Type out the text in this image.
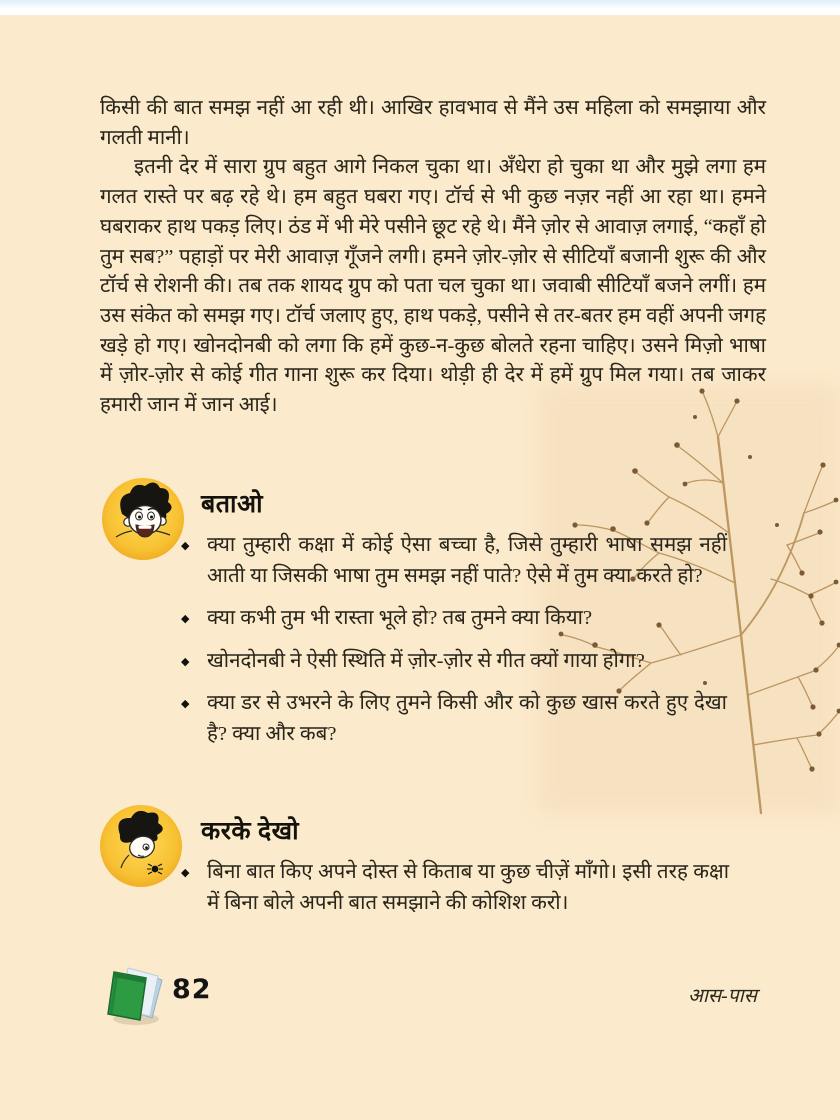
किसी की बात समझ नहीं आ रही थी। आखिर हावभाव से मैंने उस महिला को समझाया और गलती मानी।

इतनी देर में सारा ग्रुप बहुत आगे निकल चुका था। अँधेरा हो चुका था और मुझे लगा हम गलत रास्ते पर बढ़ रहे थे। हम बहुत घबरा गए। टॉर्च से भी कुछ नज़र नहीं आ रहा था। हमने घबराकर हाथ पकड़ लिए। ठंड में भी मेरे पसीने छूट रहे थे। मैंने ज़ोर से आवाज़ लगाई, “कहाँ हो तुम सब?” पहाड़ों पर मेरी आवाज़ गूँजने लगी। हमने ज़ोर-ज़ोर से सीटियाँ बजानी शुरू की और टॉर्च से रोशनी की। तब तक शायद ग्रुप को पता चल चुका था। जवाबी सीटियाँ बजने लगीं। हम उस संकेत को समझ गए। टॉर्च जलाए हुए, हाथ पकड़े, पसीने से तर-बतर हम वहीं अपनी जगह खड़े हो गए। खोनदोनबी को लगा कि हमें कुछ-न-कुछ बोलते रहना चाहिए। उसने मिज़ो भाषा में ज़ोर-ज़ोर से कोई गीत गाना शुरू कर दिया। थोड़ी ही देर में हमें ग्रुप मिल गया। तब जाकर हमारी जान में जान आई।

बताओ
◆ क्या तुम्हारी कक्षा में कोई ऐसा बच्चा है, जिसे तुम्हारी भाषा समझ नहीं आती या जिसकी भाषा तुम समझ नहीं पाते? ऐसे में तुम क्या करते हो?
◆ क्या कभी तुम भी रास्ता भूले हो? तब तुमने क्या किया?
◆ खोनदोनबी ने ऐसी स्थिति में ज़ोर-ज़ोर से गीत क्यों गाया होगा?
◆ क्या डर से उभरने के लिए तुमने किसी और को कुछ खास करते हुए देखा है? क्या और कब?
करके देखो
◆ बिना बात किए अपने दोस्त से किताब या कुछ चीज़ें माँगो। इसी तरह कक्षा में बिना बोले अपनी बात समझाने की कोशिश करो।
82	आस-पास
